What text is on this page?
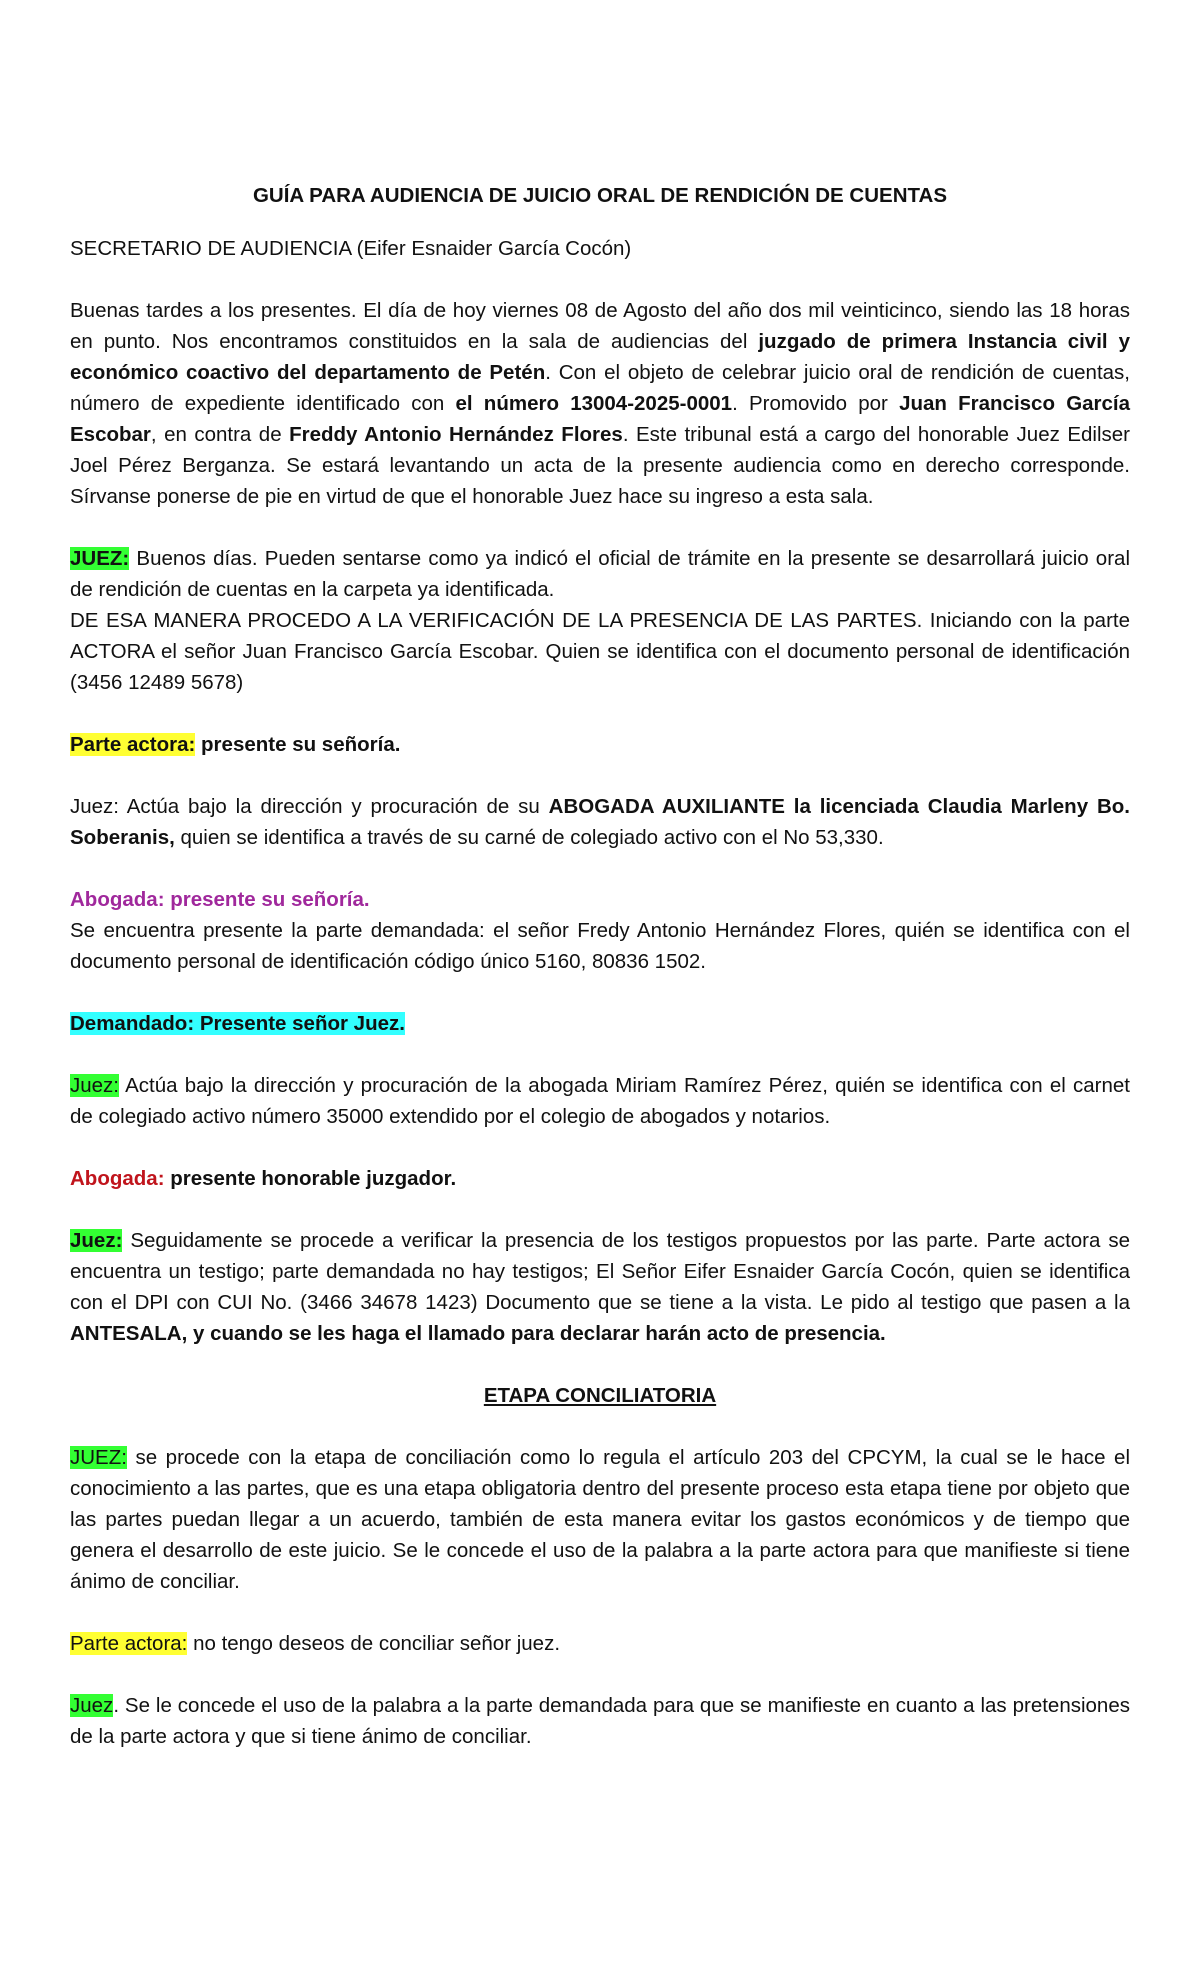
GUÍA PARA AUDIENCIA DE JUICIO ORAL DE RENDICIÓN DE CUENTAS

SECRETARIO DE AUDIENCIA (Eifer Esnaider García Cocón)

Buenas tardes a los presentes. El día de hoy viernes 08 de Agosto del año dos mil veinticinco, siendo las 18 horas en punto. Nos encontramos constituidos en la sala de audiencias del juzgado de primera Instancia civil y económico coactivo del departamento de Petén. Con el objeto de celebrar juicio oral de rendición de cuentas, número de expediente identificado con el número 13004-2025-0001. Promovido por Juan Francisco García Escobar, en contra de Freddy Antonio Hernández Flores. Este tribunal está a cargo del honorable Juez Edilser Joel Pérez Berganza. Se estará levantando un acta de la presente audiencia como en derecho corresponde. Sírvanse ponerse de pie en virtud de que el honorable Juez hace su ingreso a esta sala.

JUEZ: Buenos días. Pueden sentarse como ya indicó el oficial de trámite en la presente se desarrollará juicio oral de rendición de cuentas en la carpeta ya identificada.

DE ESA MANERA PROCEDO A LA VERIFICACIÓN DE LA PRESENCIA DE LAS PARTES. Iniciando con la parte ACTORA el señor Juan Francisco García Escobar. Quien se identifica con el documento personal de identificación (3456 12489 5678)

Parte actora: presente su señoría.

Juez: Actúa bajo la dirección y procuración de su ABOGADA AUXILIANTE la licenciada Claudia Marleny Bo. Soberanis, quien se identifica a través de su carné de colegiado activo con el No 53,330.

Abogada: presente su señoría.

Se encuentra presente la parte demandada: el señor Fredy Antonio Hernández Flores, quién se identifica con el documento personal de identificación código único 5160, 80836 1502.

Demandado: Presente señor Juez.

Juez: Actúa bajo la dirección y procuración de la abogada Miriam Ramírez Pérez, quién se identifica con el carnet de colegiado activo número 35000 extendido por el colegio de abogados y notarios.

Abogada: presente honorable juzgador.

Juez: Seguidamente se procede a verificar la presencia de los testigos propuestos por las parte. Parte actora se encuentra un testigo; parte demandada no hay testigos; El Señor Eifer Esnaider García Cocón, quien se identifica con el DPI con CUI No. (3466 34678 1423) Documento que se tiene a la vista. Le pido al testigo que pasen a la ANTESALA, y cuando se les haga el llamado para declarar harán acto de presencia.

ETAPA CONCILIATORIA

JUEZ: se procede con la etapa de conciliación como lo regula el artículo 203 del CPCYM, la cual se le hace el conocimiento a las partes, que es una etapa obligatoria dentro del presente proceso esta etapa tiene por objeto que las partes puedan llegar a un acuerdo, también de esta manera evitar los gastos económicos y de tiempo que genera el desarrollo de este juicio. Se le concede el uso de la palabra a la parte actora para que manifieste si tiene ánimo de conciliar.

Parte actora: no tengo deseos de conciliar señor juez.

Juez. Se le concede el uso de la palabra a la parte demandada para que se manifieste en cuanto a las pretensiones de la parte actora y que si tiene ánimo de conciliar.
